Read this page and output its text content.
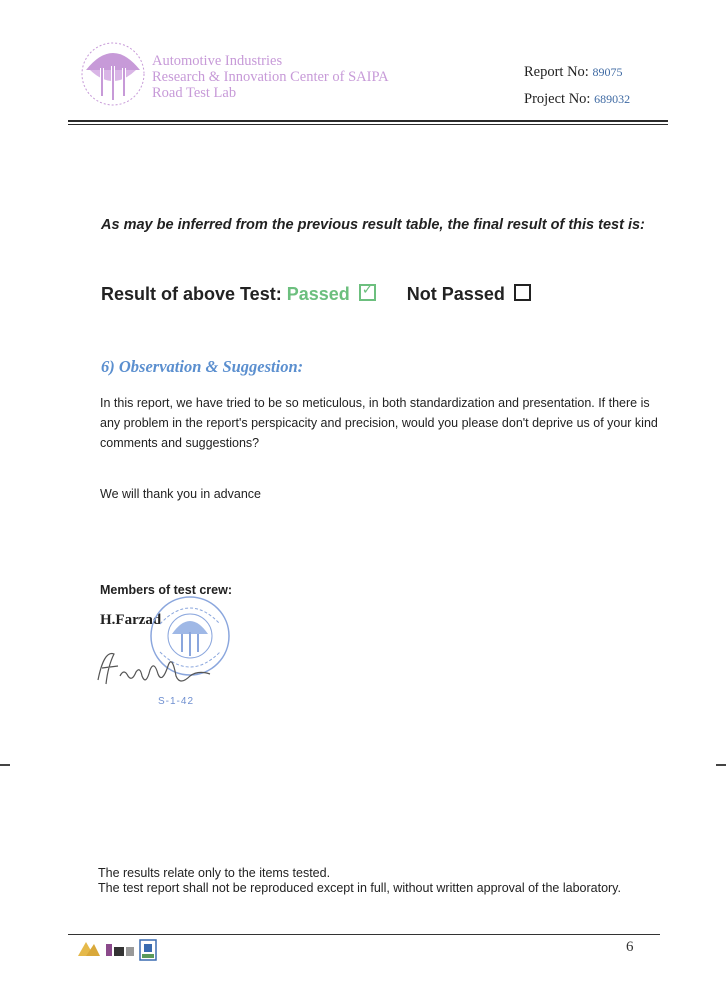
Automotive Industries
Research & Innovation Center of SAIPA
Road Test Lab
Report No: 89075
Project No: 689032
As may be inferred from the previous result table, the final result of this test is:
Result of above Test: Passed ✓ Not Passed
6) Observation & Suggestion:
In this report, we have tried to be so meticulous, in both standardization and presentation. If there is any problem in the report's perspicacity and precision, would you please don't deprive us of your kind comments and suggestions?
We will thank you in advance
Members of test crew:
H.Farzad
S-1-42
The results relate only to the items tested.
The test report shall not be reproduced except in full, without written approval of the laboratory.
6
